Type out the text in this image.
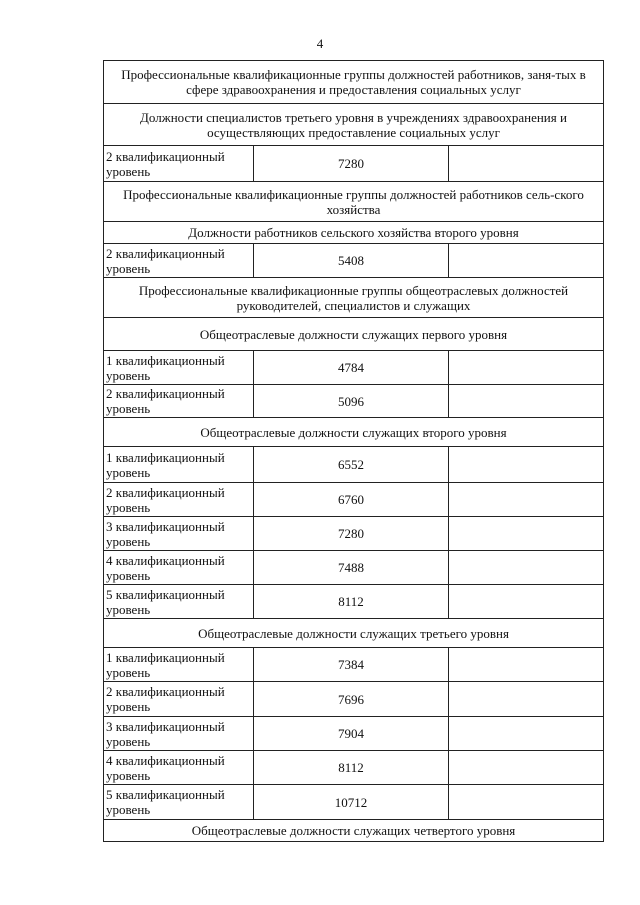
4
Профессиональные квалификационные группы должностей работников, заня-тых в сфере здравоохранения и предоставления социальных услуг		
Должности специалистов третьего уровня в учреждениях здравоохранения и осуществляющих предоставление социальных услуг		
2 квалификационный уровень	7280	
Профессиональные квалификационные группы должностей работников сель-ского хозяйства		
Должности работников сельского хозяйства второго уровня		
2 квалификационный уровень	5408	
Профессиональные квалификационные группы общеотраслевых должностей руководителей, специалистов и служащих		
Общеотраслевые должности служащих первого уровня		
1 квалификационный уровень	4784	
2 квалификационный уровень	5096	
Общеотраслевые должности служащих второго уровня		
1 квалификационный уровень	6552	
2 квалификационный уровень	6760	
3 квалификационный уровень	7280	
4 квалификационный уровень	7488	
5 квалификационный уровень	8112	
Общеотраслевые должности служащих третьего уровня		
1 квалификационный уровень	7384	
2 квалификационный уровень	7696	
3 квалификационный уровень	7904	
4 квалификационный уровень	8112	
5 квалификационный уровень	10712	
Общеотраслевые должности служащих четвертого уровня		
